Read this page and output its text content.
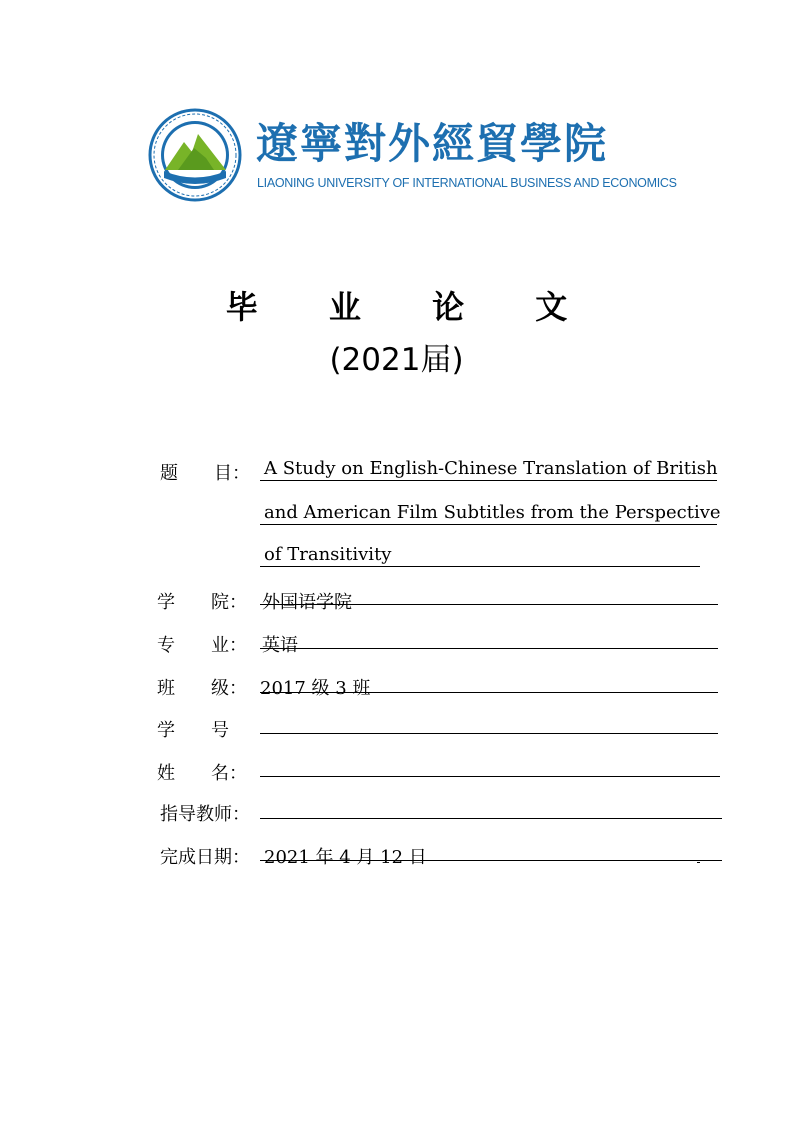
遼寧對外經貿學院
LIAONING UNIVERSITY OF INTERNATIONAL BUSINESS AND ECONOMICS
毕 业 论 文
(2021届)
题　　目： A Study on English-Chinese Translation of British
and American Film Subtitles from the Perspective
of Transitivity
学　　院： 外国语学院
专　　业： 英语
班　　级： 2017 级 3 班
学　　号
姓　　名：
指导教师：
完成日期： 2021 年 4 月 12 日
